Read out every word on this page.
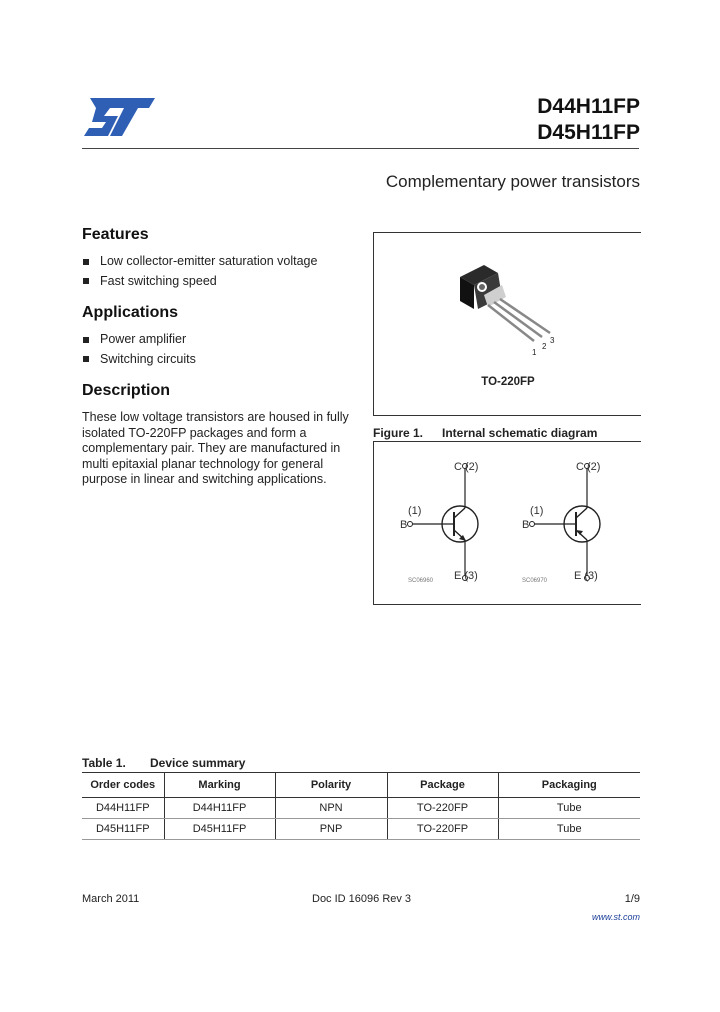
D44H11FP
D45H11FP
Complementary power transistors
Features
Low collector-emitter saturation voltage
Fast switching speed
Applications
Power amplifier
Switching circuits
Description

These low voltage transistors are housed in fully isolated TO-220FP packages and form a complementary pair. They are manufactured in multi epitaxial planar technology for general purpose in linear and switching applications.

1
2
3
TO-220FP
Figure 1. Internal schematic diagram
C (2)
(1)
B
E (3)
SC06960
C (2)
(1)
B
E (3)
SC06970
Table 1. Device summary
Order codes	Marking	Polarity	Package	Packaging
D44H11FP	D44H11FP	NPN	TO-220FP	Tube
D45H11FP	D45H11FP	PNP	TO-220FP	Tube
March 2011	Doc ID 16096 Rev 3	1/9
www.st.com
